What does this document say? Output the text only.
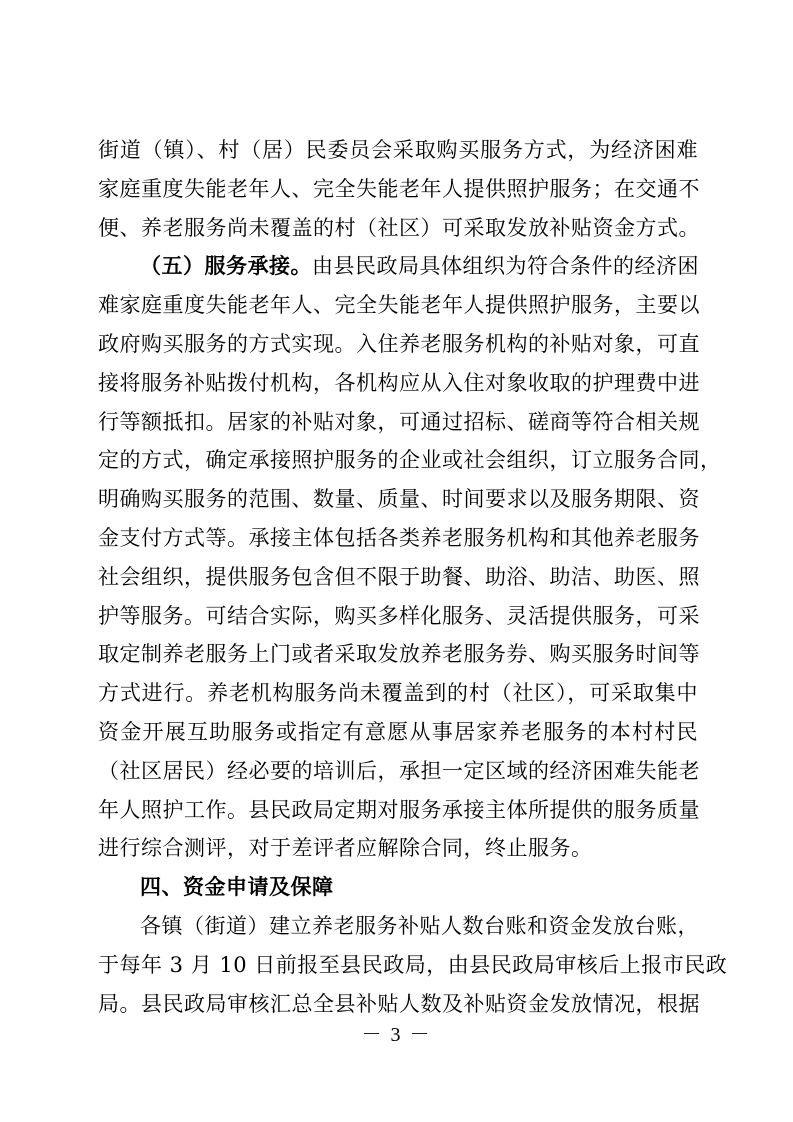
街道（镇）、村（居）民委员会采取购买服务方式，为经济困难
家庭重度失能老年人、完全失能老年人提供照护服务；在交通不
便、养老服务尚未覆盖的村（社区）可采取发放补贴资金方式。
（五）服务承接。由县民政局具体组织为符合条件的经济困
难家庭重度失能老年人、完全失能老年人提供照护服务，主要以
政府购买服务的方式实现。入住养老服务机构的补贴对象，可直
接将服务补贴拨付机构，各机构应从入住对象收取的护理费中进
行等额抵扣。居家的补贴对象，可通过招标、磋商等符合相关规
定的方式，确定承接照护服务的企业或社会组织，订立服务合同，
明确购买服务的范围、数量、质量、时间要求以及服务期限、资
金支付方式等。承接主体包括各类养老服务机构和其他养老服务
社会组织，提供服务包含但不限于助餐、助浴、助洁、助医、照
护等服务。可结合实际，购买多样化服务、灵活提供服务，可采
取定制养老服务上门或者采取发放养老服务券、购买服务时间等
方式进行。养老机构服务尚未覆盖到的村（社区），可采取集中
资金开展互助服务或指定有意愿从事居家养老服务的本村村民
（社区居民）经必要的培训后，承担一定区域的经济困难失能老
年人照护工作。县民政局定期对服务承接主体所提供的服务质量
进行综合测评，对于差评者应解除合同，终止服务。
四、资金申请及保障
各镇（街道）建立养老服务补贴人数台账和资金发放台账，
于每年 3 月 10 日前报至县民政局，由县民政局审核后上报市民政
局。县民政局审核汇总全县补贴人数及补贴资金发放情况，根据
－ 3 －
